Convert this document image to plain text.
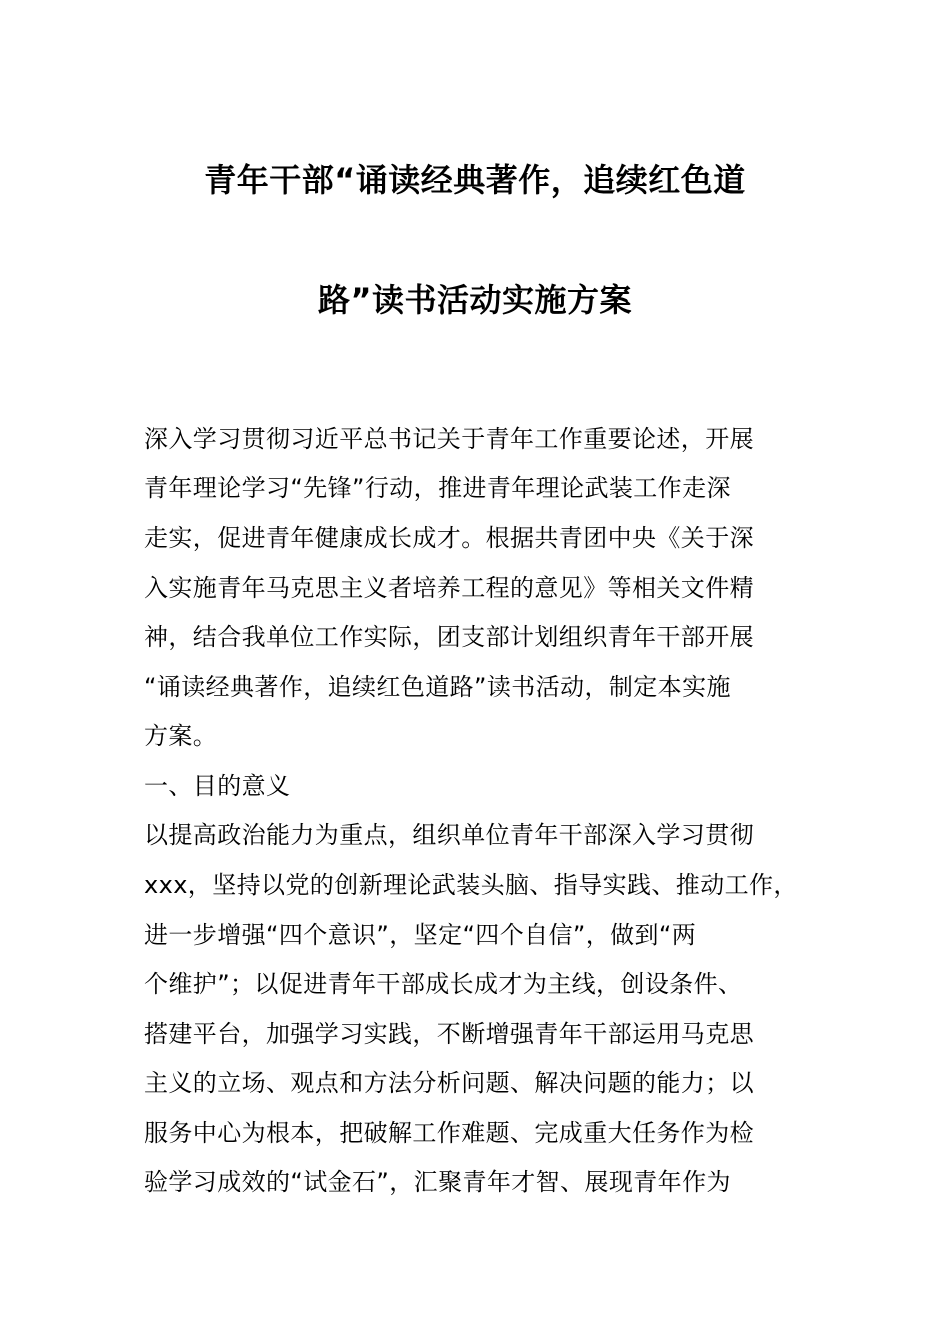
青年干部“诵读经典著作，追续红色道
路”读书活动实施方案
深入学习贯彻习近平总书记关于青年工作重要论述，开展
青年理论学习“先锋”行动，推进青年理论武装工作走深
走实，促进青年健康成长成才。根据共青团中央《关于深
入实施青年马克思主义者培养工程的意见》等相关文件精
神，结合我单位工作实际，团支部计划组织青年干部开展
“诵读经典著作，追续红色道路”读书活动，制定本实施
方案。
一、目的意义
以提高政治能力为重点，组织单位青年干部深入学习贯彻
xxx，坚持以党的创新理论武装头脑、指导实践、推动工作，
进一步增强“四个意识”，坚定“四个自信”，做到“两
个维护”；以促进青年干部成长成才为主线，创设条件、
搭建平台，加强学习实践，不断增强青年干部运用马克思
主义的立场、观点和方法分析问题、解决问题的能力；以
服务中心为根本，把破解工作难题、完成重大任务作为检
验学习成效的“试金石”，汇聚青年才智、展现青年作为
